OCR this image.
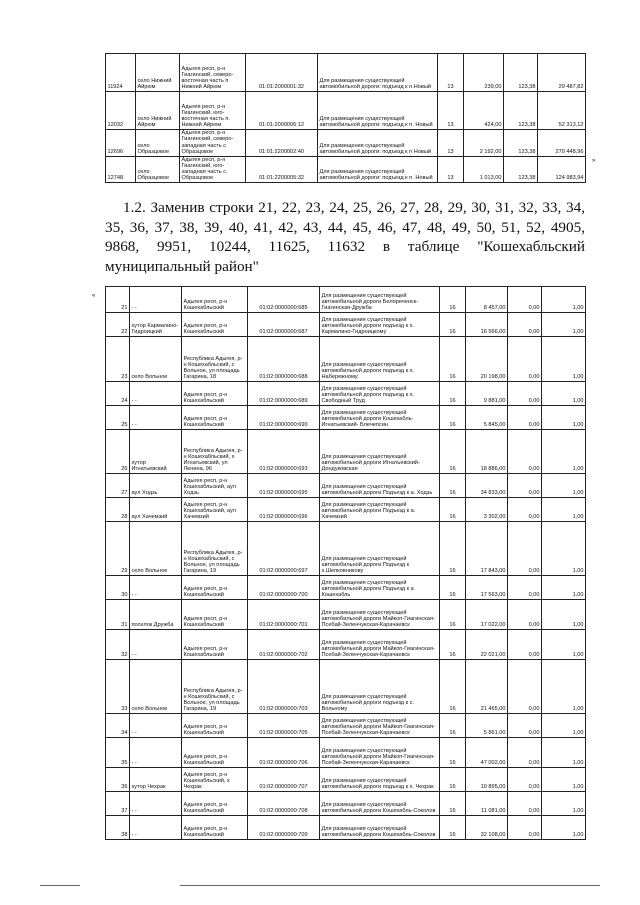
11924	село Нижний Айрюм	Адыгея респ, р-н Гиагинский, северо-восточная часть п Нижний Айрюм	01:01:2000001:32	Для размещения существующей автомобильной дороги: подъезд к п.Новый	13	239,00	123,38	29 487,82
12032	село Нижний Айрюм	Адыгея респ, р-н Гиагинский, юго-восточная часть п. Нижний Айрюм	01:01:2000006:12	Для размещения существующей автомобильной дороги: подъезд к п. Новый	13	424,00	123,38	52 313,12
12696	село Образцовое	Адыгея респ, р-н Гиагинский, северо-западная часть с Образцовое	01:01:2200002:40	Для размещения существующей автомобильной дороги: подъезд к п Новый	13	2 192,00	123,38	270 448,96
12748	село Образцовое	Адыгея респ, р-н Гиагинский, юго-западная часть с. Образцовое	01:01:2200005:32	Для размещения существующей автомобильной дороги: подъезд к п. Новый	13	1 013,00	123,38	124 983,94
»
1.2. Заменив строки 21, 22, 23, 24, 25, 26, 27, 28, 29, 30, 31, 32, 33, 34, 35, 36, 37, 38, 39, 40, 41, 42, 43, 44, 45, 46, 47, 48, 49, 50, 51, 52, 4905, 9868, 9951, 10244, 11625, 11632 в таблице "Кошехабльский муниципальный район"
«
21	- -	Адыгея респ, р-н Кошехабльский	01:02:0000000:685	Для размещения существующей автомобильной дороги Белореченск-Гиагинская-Дружба	16	8 457,00	0,00	1,00
22	хутор Кармалино-Гидроицкий	Адыгея респ, р-н Кошехабльский	01:02:0000000:687	Для размещения существующей автомобильной дороги подъезд к х. Кармалино-Гидроицкому	16	16 566,00	0,00	1,00
23	село Вольное	Республика Адыгея, р-н Кошехабльский, с Вольное, ул площадь Гагарина, 18	01:02:0000000:688	Для размещения существующей автомобильной дороги подъезд к х. Набережному	16	20 198,00	0,00	1,00
24	- -	Адыгея респ, р-н Кошехабльский	01:02:0000000:689	Для размещения существующей автомобильной дороги подъезд к х. Свободный Труд	16	9 881,00	0,00	1,00
25	- -	Адыгея респ, р-н Кошехабльский	01:02:0000000:690	Для размещения существующей автомобильной дороги Кошехабль-Игнатьевский- Блечепсин	16	5 845,00	0,00	1,00
26	хутор Игнатьевский	Республика Адыгея, р-н Кошехабльский, х Игнатьевский, ул Ленина, 96	01:02:0000000:693	Для размещения существующей автомобильной дороги Игнатьевский-Дондуковская	16	18 886,00	0,00	1,00
27	аул Ходзь	Адыгея респ, р-н Кошехабльский, аул Ходзь	01:02:0000000:695	Для размещения существующей автомобильной дороги Подъезд к а. Ходзь	16	34 833,00	0,00	1,00
28	аул Хачемзий	Адыгея респ, р-н Кошехабльский, аул Хачемзий	01:02:0000000:696	Для размещения существующей автомобильной дороги Подъезд к а. Хачемзий	16	3 302,00	0,00	1,00
29	село Вольное	Республика Адыгея, р-н Кошехабльский, с Вольное, ул площадь Гагарина, 19	01:02:0000000:697	Для размещения существующей автомобильной дороги Подъезд к х.Шелковникову	16	17 843,00	0,00	1,00
30	- -	Адыгея респ, р-н Кошехабльский	01:02:0000000:700	Для размещения существующей автомобильной дороги Подъезд к а Кошехабль	16	17 563,00	0,00	1,00
31	поселок Дружба	Адыгея респ, р-н Кошехабльский	01:02:0000000:701	Для размещения существующей автомобильной дороги Майкоп-Гиагинская-Псебай-Зеленчукская-Карачаевск	16	17 022,00	0,00	1,00
32	- -	Адыгея респ, р-н Кошехабльский	01:02:0000000:702	Для размещения существующей автомобильной дороги Майкоп-Гиагинская-Псебай-Зеленчукская-Карачаевск	16	22 021,00	0,00	1,00
33	село Вольное	Республика Адыгея, р-н Кошехабльский, с Вольное, ул площадь Гагарина, 19	01:02:0000000:703	Для размещения существующей автомобильной дороги подъезд к с. Вольному	16	21 465,00	0,00	1,00
34	- -	Адыгея респ, р-н Кошехабльский	01:02:0000000:705	Для размещения существующей автомобильной дороги Майкоп-Гиагинская-Псебай-Зеленчукская-Карачаевск	16	5 861,00	0,00	1,00
35	- -	Адыгея респ, р-н Кошехабльский	01:02:0000000:706	Для размещения существующей автомобильной дороги Майкоп-Гиагинская-Псебай-Зеленчукская-Карачаевск	16	47 002,00	0,00	1,00
36	хутор Чехрак	Адыгея респ, р-н Кошехабльский, х Чехрак	01:02:0000000:707	Для размещения существующей автомобильной дороги подъезд к х. Чехрак	16	10 895,00	0,00	1,00
37	- -	Адыгея респ, р-н Кошехабльский	01:02:0000000:708	Для размещения существующей автомобильной дороги Кошехабль-Соколов	16	11 081,00	0,00	1,00
38	- -	Адыгея респ, р-н Кошехабльский	01:02:0000000:709	Для размещения существующей автомобильной дороги Кошехабль-Соколов	16	32 108,00	0,00	1,00
